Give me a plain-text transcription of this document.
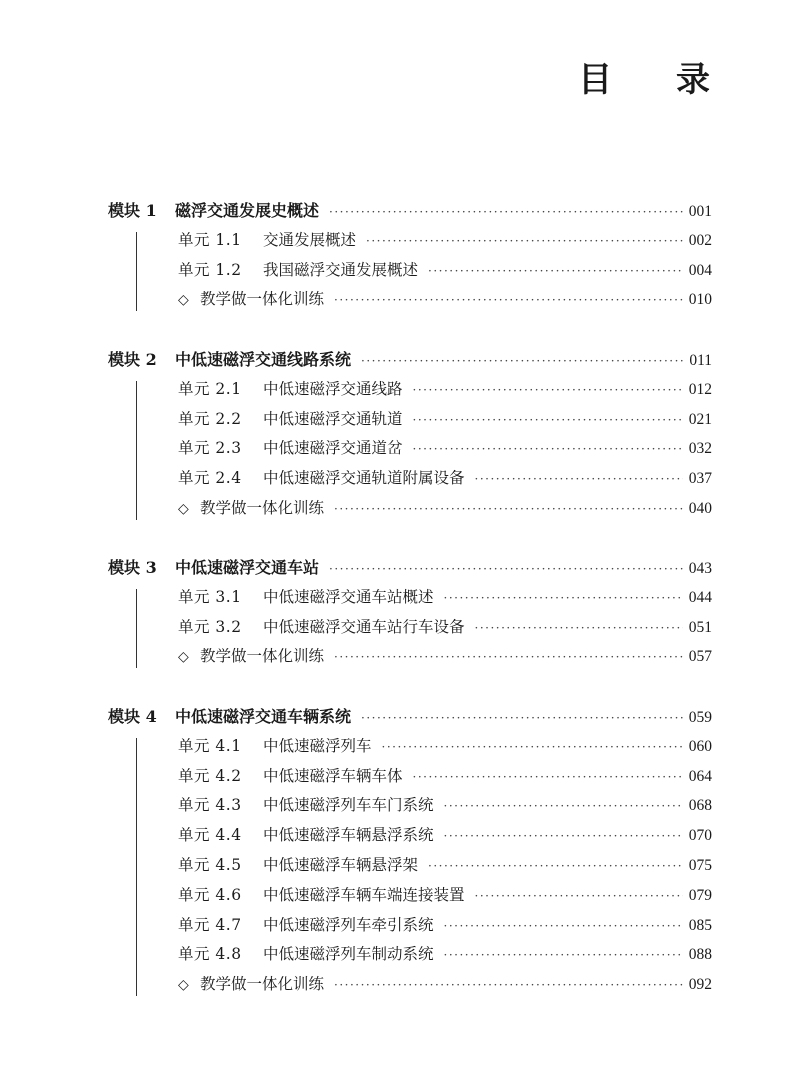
目 录
模块 1	磁浮交通发展史概述 ·····	001
单元 1.1	交通发展概述 ·····	002
单元 1.2	我国磁浮交通发展概述 ·····	004
◇ 教学做一体化训练 ·····	010
模块 2	中低速磁浮交通线路系统 ·····	011
单元 2.1	中低速磁浮交通线路 ·····	012
单元 2.2	中低速磁浮交通轨道 ·····	021
单元 2.3	中低速磁浮交通道岔 ·····	032
单元 2.4	中低速磁浮交通轨道附属设备 ·····	037
◇ 教学做一体化训练 ·····	040
模块 3	中低速磁浮交通车站 ·····	043
单元 3.1	中低速磁浮交通车站概述 ·····	044
单元 3.2	中低速磁浮交通车站行车设备 ·····	051
◇ 教学做一体化训练 ·····	057
模块 4	中低速磁浮交通车辆系统 ·····	059
单元 4.1	中低速磁浮列车 ·····	060
单元 4.2	中低速磁浮车辆车体 ·····	064
单元 4.3	中低速磁浮列车车门系统 ·····	068
单元 4.4	中低速磁浮车辆悬浮系统 ·····	070
单元 4.5	中低速磁浮车辆悬浮架 ·····	075
单元 4.6	中低速磁浮车辆车端连接装置 ·····	079
单元 4.7	中低速磁浮列车牵引系统 ·····	085
单元 4.8	中低速磁浮列车制动系统 ·····	088
◇ 教学做一体化训练 ·····	092
